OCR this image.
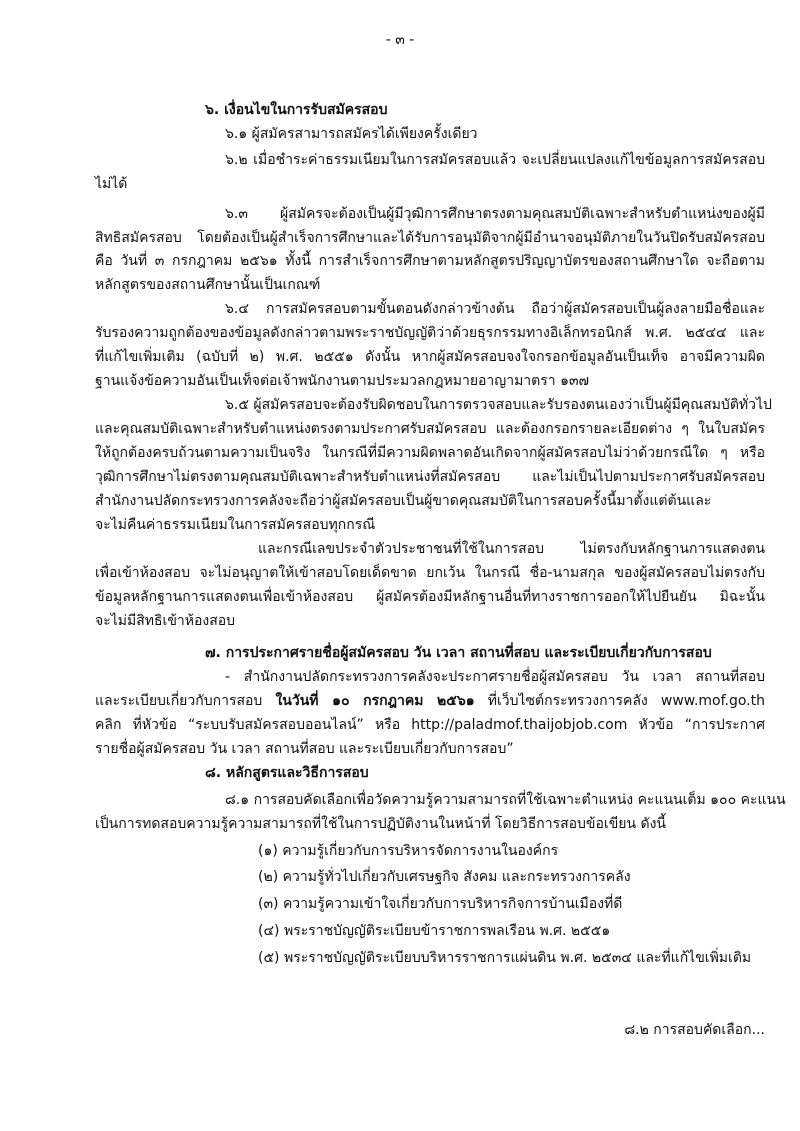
- ๓ -
๖. เงื่อนไขในการรับสมัครสอบ
๖.๑ ผู้สมัครสามารถสมัครได้เพียงครั้งเดียว
๖.๒ เมื่อชำระค่าธรรมเนียมในการสมัครสอบแล้ว จะเปลี่ยนแปลงแก้ไขข้อมูลการสมัครสอบ
ไม่ได้
๖.๓ ผู้สมัครจะต้องเป็นผู้มีวุฒิการศึกษาตรงตามคุณสมบัติเฉพาะสำหรับตำแหน่งของผู้มี
สิทธิสมัครสอบ โดยต้องเป็นผู้สำเร็จการศึกษาและได้รับการอนุมัติจากผู้มีอำนาจอนุมัติภายในวันปิดรับสมัครสอบ
คือ วันที่ ๓ กรกฎาคม ๒๕๖๑ ทั้งนี้ การสำเร็จการศึกษาตามหลักสูตรปริญญาบัตรของสถานศึกษาใด จะถือตาม
หลักสูตรของสถานศึกษานั้นเป็นเกณฑ์
๖.๔ การสมัครสอบตามขั้นตอนดังกล่าวข้างต้น ถือว่าผู้สมัครสอบเป็นผู้ลงลายมือชื่อและ
รับรองความถูกต้องของข้อมูลดังกล่าวตามพระราชบัญญัติว่าด้วยธุรกรรมทางอิเล็กทรอนิกส์ พ.ศ. ๒๕๔๔ และ
ที่แก้ไขเพิ่มเติม (ฉบับที่ ๒) พ.ศ. ๒๕๕๑ ดังนั้น หากผู้สมัครสอบจงใจกรอกข้อมูลอันเป็นเท็จ อาจมีความผิด
ฐานแจ้งข้อความอันเป็นเท็จต่อเจ้าพนักงานตามประมวลกฎหมายอาญามาตรา ๑๓๗
๖.๕ ผู้สมัครสอบจะต้องรับผิดชอบในการตรวจสอบและรับรองตนเองว่าเป็นผู้มีคุณสมบัติทั่วไป
และคุณสมบัติเฉพาะสำหรับตำแหน่งตรงตามประกาศรับสมัครสอบ และต้องกรอกรายละเอียดต่าง ๆ ในใบสมัคร
ให้ถูกต้องครบถ้วนตามความเป็นจริง ในกรณีที่มีความผิดพลาดอันเกิดจากผู้สมัครสอบไม่ว่าด้วยกรณีใด ๆ หรือ
วุฒิการศึกษาไม่ตรงตามคุณสมบัติเฉพาะสำหรับตำแหน่งที่สมัครสอบ และไม่เป็นไปตามประกาศรับสมัครสอบ
สำนักงานปลัดกระทรวงการคลังจะถือว่าผู้สมัครสอบเป็นผู้ขาดคุณสมบัติในการสอบครั้งนี้มาตั้งแต่ต้นและ
จะไม่คืนค่าธรรมเนียมในการสมัครสอบทุกกรณี
และกรณีเลขประจำตัวประชาชนที่ใช้ในการสอบ ไม่ตรงกับหลักฐานการแสดงตน
เพื่อเข้าห้องสอบ จะไม่อนุญาตให้เข้าสอบโดยเด็ดขาด ยกเว้น ในกรณี ชื่อ-นามสกุล ของผู้สมัครสอบไม่ตรงกับ
ข้อมูลหลักฐานการแสดงตนเพื่อเข้าห้องสอบ ผู้สมัครต้องมีหลักฐานอื่นที่ทางราชการออกให้ไปยืนยัน มิฉะนั้น
จะไม่มีสิทธิเข้าห้องสอบ
๗. การประกาศรายชื่อผู้สมัครสอบ วัน เวลา สถานที่สอบ และระเบียบเกี่ยวกับการสอบ
- สำนักงานปลัดกระทรวงการคลังจะประกาศรายชื่อผู้สมัครสอบ วัน เวลา สถานที่สอบ
และระเบียบเกี่ยวกับการสอบ ในวันที่ ๑๐ กรกฎาคม ๒๕๖๑ ที่เว็บไซต์กระทรวงการคลัง www.mof.go.th
คลิก ที่หัวข้อ “ระบบรับสมัครสอบออนไลน์” หรือ http://paladmof.thaijobjob.com หัวข้อ “การประกาศ
รายชื่อผู้สมัครสอบ วัน เวลา สถานที่สอบ และระเบียบเกี่ยวกับการสอบ”
๘. หลักสูตรและวิธีการสอบ
๘.๑ การสอบคัดเลือกเพื่อวัดความรู้ความสามารถที่ใช้เฉพาะตำแหน่ง คะแนนเต็ม ๑๐๐ คะแนน
เป็นการทดสอบความรู้ความสามารถที่ใช้ในการปฏิบัติงานในหน้าที่ โดยวิธีการสอบข้อเขียน ดังนี้
(๑) ความรู้เกี่ยวกับการบริหารจัดการงานในองค์กร
(๒) ความรู้ทั่วไปเกี่ยวกับเศรษฐกิจ สังคม และกระทรวงการคลัง
(๓) ความรู้ความเข้าใจเกี่ยวกับการบริหารกิจการบ้านเมืองที่ดี
(๔) พระราชบัญญัติระเบียบข้าราชการพลเรือน พ.ศ. ๒๕๕๑
(๕) พระราชบัญญัติระเบียบบริหารราชการแผ่นดิน พ.ศ. ๒๕๓๔ และที่แก้ไขเพิ่มเติม
๘.๒ การสอบคัดเลือก...
